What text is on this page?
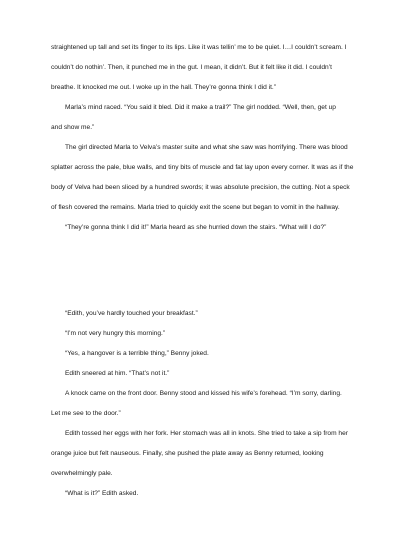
straightened up tall and set its finger to its lips. Like it was tellin’ me to be quiet. I…I couldn’t scream. I
couldn’t do nothin’. Then, it punched me in the gut. I mean, it didn’t. But it felt like it did. I couldn’t
breathe. It knocked me out. I woke up in the hall. They’re gonna think I did it.”
Marla’s mind raced. “You said it bled. Did it make a trail?” The girl nodded. “Well, then, get up
and show me.”
The girl directed Marla to Velva’s master suite and what she saw was horrifying. There was blood
splatter across the pale, blue walls, and tiny bits of muscle and fat lay upon every corner. It was as if the
body of Velva had been sliced by a hundred swords; it was absolute precision, the cutting. Not a speck
of flesh covered the remains. Marla tried to quickly exit the scene but began to vomit in the hallway.
“They’re gonna think I did it!” Marla heard as she hurried down the stairs. “What will I do?”
“Edith, you’ve hardly touched your breakfast.”
“I’m not very hungry this morning.”
“Yes, a hangover is a terrible thing,” Benny joked.
Edith sneered at him. “That’s not it.”
A knock came on the front door. Benny stood and kissed his wife’s forehead. “I’m sorry, darling.
Let me see to the door.”
Edith tossed her eggs with her fork. Her stomach was all in knots. She tried to take a sip from her
orange juice but felt nauseous. Finally, she pushed the plate away as Benny returned, looking
overwhelmingly pale.
“What is it?” Edith asked.
